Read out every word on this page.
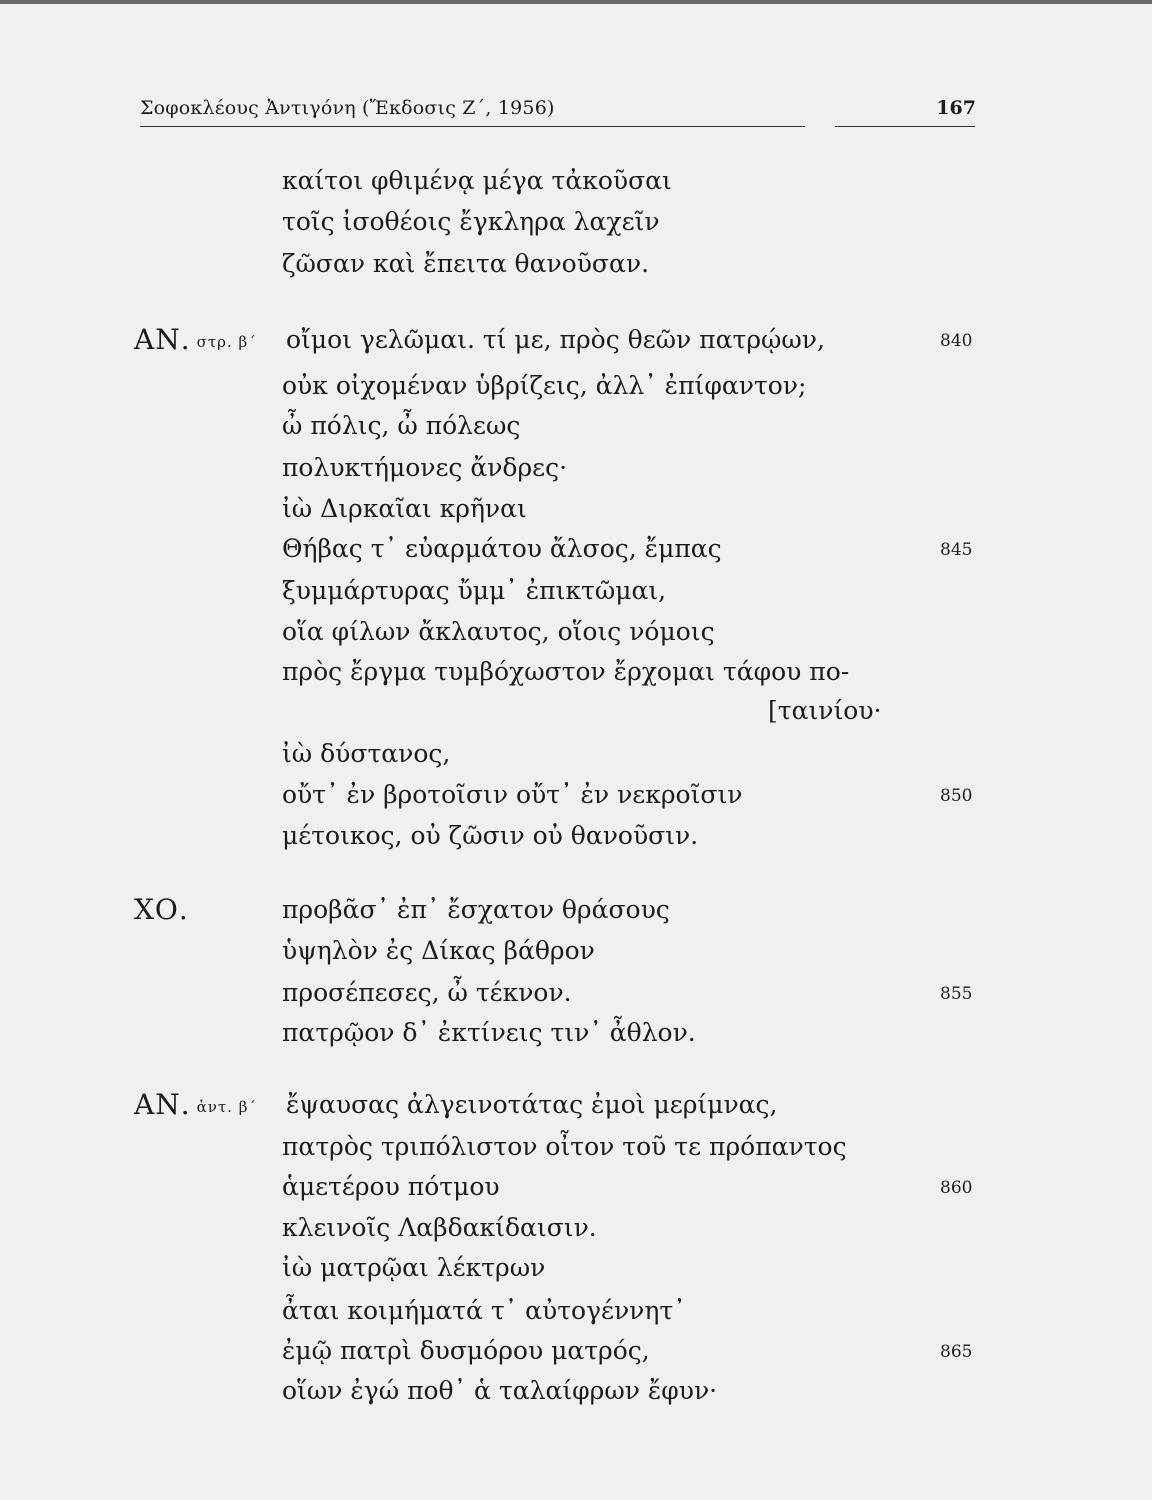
Σοφοκλέους Ἀντιγόνη (Ἔκδοσις Ζ΄, 1956)	167
καίτοι φθιμένᾳ μέγα τἀκοῦσαι
τοῖς ἰσοθέοις ἔγκληρα λαχεῖν
ζῶσαν καὶ ἔπειτα θανοῦσαν.
ΑΝ. στρ. β΄ οἴμοι γελῶμαι. τί με, πρὸς θεῶν πατρῴων,	840
οὐκ οἰχομέναν ὑβρίζεις, ἀλλ᾽ ἐπίφαντον;
ὦ πόλις, ὦ πόλεως
πολυκτήμονες ἄνδρες·
ἰὼ Διρκαῖαι κρῆναι
Θήβας τ᾽ εὐαρμάτου ἄλσος, ἔμπας	845
ξυμμάρτυρας ὔμμ᾽ ἐπικτῶμαι,
οἵα φίλων ἄκλαυτος, οἵοις νόμοις
πρὸς ἔργμα τυμβόχωστον ἔρχομαι τάφου πο-
[ταινίου·
ἰὼ δύστανος,
οὔτ᾽ ἐν βροτοῖσιν οὔτ᾽ ἐν νεκροῖσιν	850
μέτοικος, οὐ ζῶσιν οὐ θανοῦσιν.
ΧΟ.	προβᾶσ᾽ ἐπ᾽ ἔσχατον θράσους
ὑψηλὸν ἐς Δίκας βάθρον
προσέπεσες, ὦ τέκνον.	855
πατρῷον δ᾽ ἐκτίνεις τιν᾽ ἆθλον.
ΑΝ. ἀντ. β΄ ἔψαυσας ἀλγεινοτάτας ἐμοὶ μερίμνας,
πατρὸς τριπόλιστον οἶτον τοῦ τε πρόπαντος
ἁμετέρου πότμου	860
κλεινοῖς Λαβδακίδαισιν.
ἰὼ ματρῷαι λέκτρων
ἆται κοιμήματά τ᾽ αὐτογέννητ᾽
ἐμῷ πατρὶ δυσμόρου ματρός,	865
οἵων ἐγώ ποθ᾽ ἁ ταλαίφρων ἔφυν·
